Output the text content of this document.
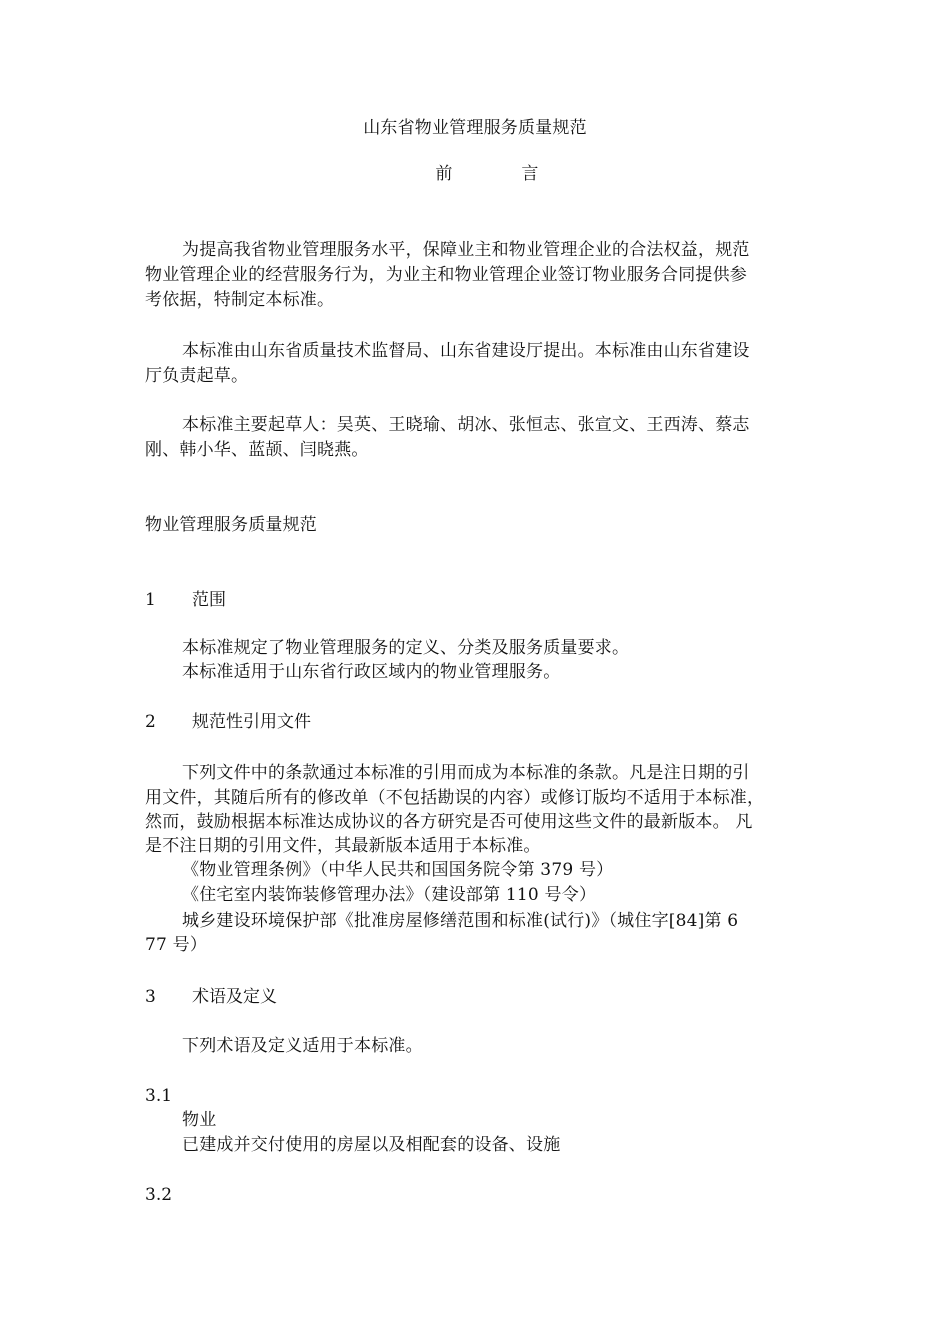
山东省物业管理服务质量规范
前　　　　言
为提高我省物业管理服务水平，保障业主和物业管理企业的合法权益，规范
物业管理企业的经营服务行为，为业主和物业管理企业签订物业服务合同提供参
考依据，特制定本标准。
本标准由山东省质量技术监督局、山东省建设厅提出。本标准由山东省建设
厅负责起草。
本标准主要起草人：吴英、王晓瑜、胡冰、张恒志、张宣文、王西涛、蔡志
刚、韩小华、蓝颉、闫晓燕。
物业管理服务质量规范
1 范围
本标准规定了物业管理服务的定义、分类及服务质量要求。
本标准适用于山东省行政区域内的物业管理服务。
2 规范性引用文件
下列文件中的条款通过本标准的引用而成为本标准的条款。凡是注日期的引
用文件，其随后所有的修改单（不包括勘误的内容）或修订版均不适用于本标准，
然而，鼓励根据本标准达成协议的各方研究是否可使用这些文件的最新版本。 凡
是不注日期的引用文件，其最新版本适用于本标准。
《物业管理条例》（中华人民共和国国务院令第 379 号）
《住宅室内装饰装修管理办法》（建设部第 110 号令）
城乡建设环境保护部《批准房屋修缮范围和标准(试行)》（城住字[84]第 6
77 号）
3 术语及定义
下列术语及定义适用于本标准。
3.1
物业
已建成并交付使用的房屋以及相配套的设备、设施
3.2
